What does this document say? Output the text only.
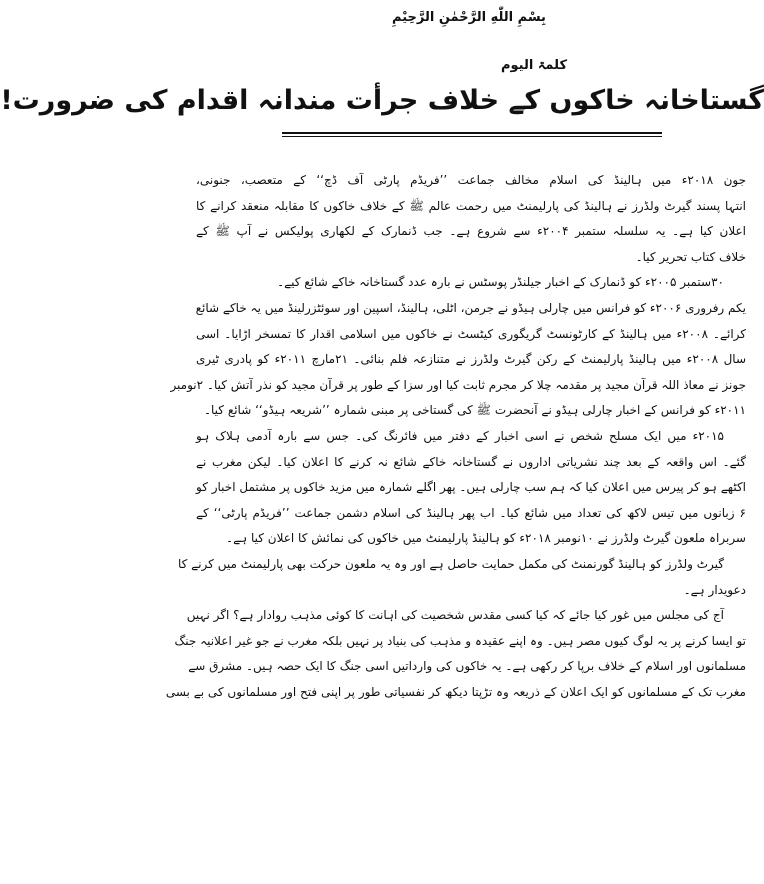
بِسْمِ اللّٰهِ الرَّحْمٰنِ الرَّحِیْمِ
کلمۃ الیوم
گستاخانہ خاکوں کے خلاف جرأت مندانہ اقدام کی ضرورت!
جون ۲۰۱۸ء میں ہالینڈ کی اسلام مخالف جماعت ’’فریڈم پارٹی آف ڈچ‘‘ کے متعصب، جنونی،
انتہا پسند گیرٹ ولڈرز نے ہالینڈ کی پارلیمنٹ میں رحمت عالم ﷺ کے خلاف خاکوں کا مقابلہ منعقد کرانے کا
اعلان کیا ہے۔ یہ سلسلہ ستمبر ۲۰۰۴ء سے شروع ہے۔ جب ڈنمارک کے لکھاری پولیکس نے آپ ﷺ کے
خلاف کتاب تحریر کیا۔
۳۰ستمبر ۲۰۰۵ء کو ڈنمارک کے اخبار جیلنڈر پوسٹس نے بارہ عدد گستاخانہ خاکے شائع کیے۔
یکم رفروری ۲۰۰۶ء کو فرانس میں چارلی ہیڈو نے جرمن، اٹلی، ہالینڈ، اسپین اور سوئٹزرلینڈ میں یہ خاکے شائع
کرائے۔ ۲۰۰۸ء میں ہالینڈ کے کارٹونسٹ گریگوری کیٹسٹ نے خاکوں میں اسلامی اقدار کا تمسخر اڑایا۔ اسی
سال ۲۰۰۸ء میں ہالینڈ پارلیمنٹ کے رکن گیرٹ ولڈرز نے متنازعہ فلم بنائی۔ ۲۱مارچ ۲۰۱۱ء کو پادری ٹیری
جونز نے معاذ اللہ قرآن مجید پر مقدمہ چلا کر مجرم ثابت کیا اور سزا کے طور پر قرآن مجید کو نذر آتش کیا۔ ۲نومبر
۲۰۱۱ء کو فرانس کے اخبار چارلی ہیڈو نے آنحضرت ﷺ کی گستاخی پر مبنی شمارہ ’’شریعہ ہیڈو‘‘ شائع کیا۔
۲۰۱۵ء میں ایک مسلح شخص نے اسی اخبار کے دفتر میں فائرنگ کی۔ جس سے بارہ آدمی ہلاک ہو
گئے۔ اس واقعہ کے بعد چند نشریاتی اداروں نے گستاخانہ خاکے شائع نہ کرنے کا اعلان کیا۔ لیکن مغرب نے
اکٹھے ہو کر پیرس میں اعلان کیا کہ ہم سب چارلی ہیں۔ پھر اگلے شمارہ میں مزید خاکوں پر مشتمل اخبار کو
۶ زبانوں میں تیس لاکھ کی تعداد میں شائع کیا۔ اب پھر ہالینڈ کی اسلام دشمن جماعت ’’فریڈم پارٹی‘‘ کے
سربراہ ملعون گیرٹ ولڈرز نے ۱۰نومبر ۲۰۱۸ء کو ہالینڈ پارلیمنٹ میں خاکوں کی نمائش کا اعلان کیا ہے۔
گیرٹ ولڈرز کو ہالینڈ گورنمنٹ کی مکمل حمایت حاصل ہے اور وہ یہ ملعون حرکت بھی پارلیمنٹ میں کرنے کا
دعویدار ہے۔
آج کی مجلس میں غور کیا جائے کہ کیا کسی مقدس شخصیت کی اہانت کا کوئی مذہب روادار ہے؟ اگر نہیں
تو ایسا کرنے پر یہ لوگ کیوں مصر ہیں۔ وہ اپنے عقیدہ و مذہب کی بنیاد پر نہیں بلکہ مغرب نے جو غیر اعلانیہ جنگ
مسلمانوں اور اسلام کے خلاف برپا کر رکھی ہے۔ یہ خاکوں کی وارداتیں اسی جنگ کا ایک حصہ ہیں۔ مشرق سے
مغرب تک کے مسلمانوں کو ایک اعلان کے ذریعہ وہ تڑپتا دیکھ کر نفسیاتی طور پر اپنی فتح اور مسلمانوں کی بے بسی
